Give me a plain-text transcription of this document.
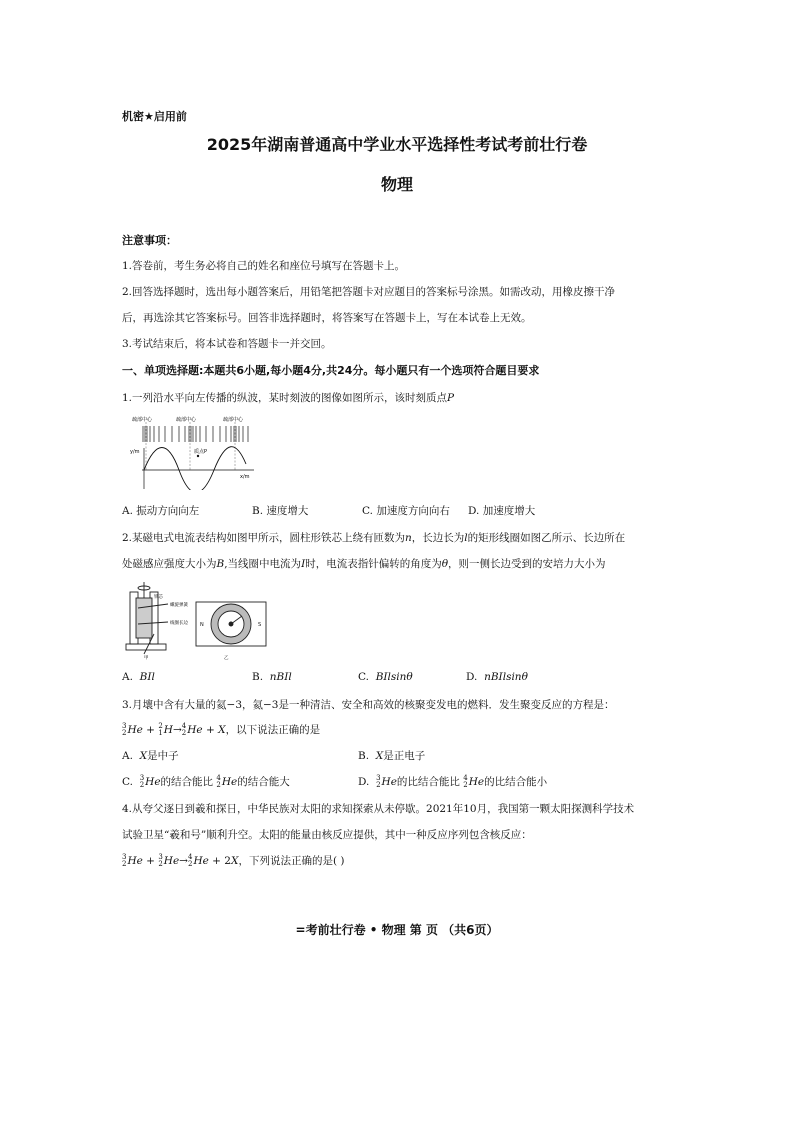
机密★启用前
2025年湖南普通高中学业水平选择性考试考前壮行卷
物理
注意事项：
1.答卷前，考生务必将自己的姓名和座位号填写在答题卡上。
2.回答选择题时，选出每小题答案后，用铅笔把答题卡对应题目的答案标号涂黑。如需改动，用橡皮擦干净
后，再选涂其它答案标号。回答非选择题时，将答案写在答题卡上，写在本试卷上无效。
3.考试结束后，将本试卷和答题卡一并交回。
一、单项选择题:本题共6小题,每小题4分,共24分。每小题只有一个选项符合题目要求
1.一列沿水平向左传播的纵波，某时刻波的图像如图所示，该时刻质点P
疏部中心	疏部中心	疏部中心
y/m
x/m
质点P
A. 振动方向向左	B. 速度增大	C. 加速度方向向右 D. 加速度增大
2.某磁电式电流表结构如图甲所示，圆柱形铁芯上绕有匝数为n，长边长为l的矩形线圈如图乙所示、长边所在
处磁感应强度大小为B,当线圈中电流为I时，电流表指针偏转的角度为θ，则一侧长边受到的安培力大小为
铁芯
螺旋弹簧
线圈长边
甲
N	S
乙
A. BIl	B. nBIl	C. BIlsinθ	D. nBIlsinθ
3.月壤中含有大量的氦−3，氦−3是一种清洁、安全和高效的核聚变发电的燃料．发生聚变反应的方程是：
3
2He + 2
1H→4
2He + X，以下说法正确的是
A. X是中子	B. X是正电子
C. 3
2He的结合能比 4
2He的结合能大	D. 3
2He的比结合能比 4
2He的比结合能小
4.从夸父逐日到羲和探日，中华民族对太阳的求知探索从未停歇。2021年10月，我国第一颗太阳探测科学技术
试验卫星“羲和号”顺利升空。太阳的能量由核反应提供，其中一种反应序列包含核反应：
3
2He + 3
2He→4
2He + 2X，下列说法正确的是( )
=考前壮行卷 • 物理 第 页 （共6页）
